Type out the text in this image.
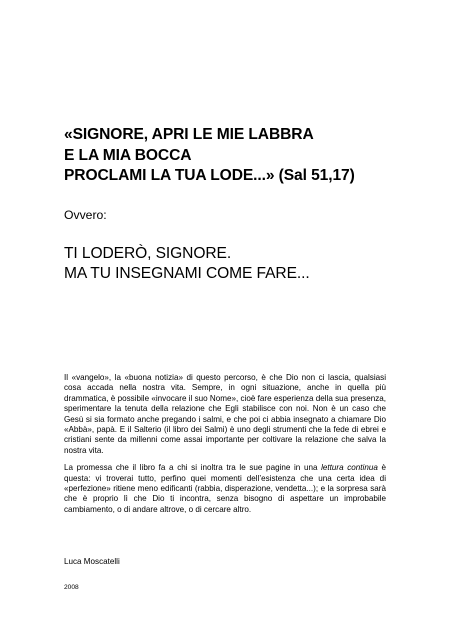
«SIGNORE, APRI LE MIE LABBRA
E LA MIA BOCCA
PROCLAMI LA TUA LODE...» (Sal 51,17)
Ovvero:
TI LODERÒ, SIGNORE.
MA TU INSEGNAMI COME FARE...

Il «vangelo», la «buona notizia» di questo percorso, è che Dio non ci lascia, qualsiasi cosa accada nella nostra vita. Sempre, in ogni situazione, anche in quella più drammatica, è possibile «invocare il suo Nome», cioè fare esperienza della sua presenza, sperimentare la tenuta della relazione che Egli stabilisce con noi. Non è un caso che Gesù si sia formato anche pregando i salmi, e che poi ci abbia insegnato a chiamare Dio «Abbà», papà. E il Salterio (il libro dei Salmi) è uno degli strumenti che la fede di ebrei e cristiani sente da millenni come assai importante per coltivare la relazione che salva la nostra vita.

La promessa che il libro fa a chi si inoltra tra le sue pagine in una lettura continua è questa: vi troverai tutto, perfino quei momenti dell’esistenza che una certa idea di «perfezione» ritiene meno edificanti (rabbia, disperazione, vendetta...); e la sorpresa sarà che è proprio lì che Dio ti incontra, senza bisogno di aspettare un improbabile cambiamento, o di andare altrove, o di cercare altro.

Luca Moscatelli
2008
